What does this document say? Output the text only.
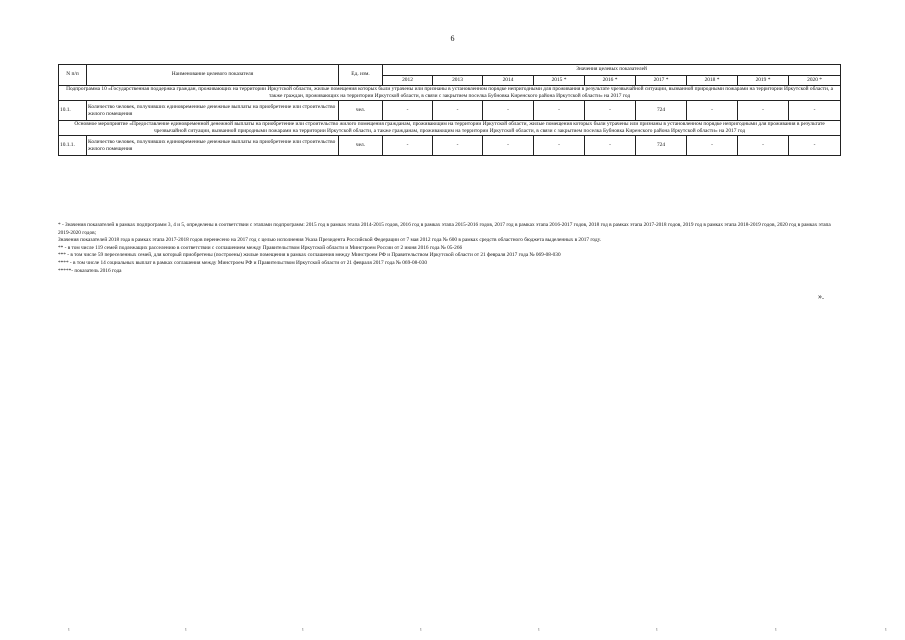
6
N п/п	Наименование целевого показателя	Ед. изм.	Значения целевых показателей								
			2012	2013	2014	2015 *	2016 *	2017 *	2018 *	2019 *	2020 *
Подпрограмма 10 «Государственная поддержка граждан, проживающих на территории Иркутской области, жилые помещения которых были утрачены или признаны в установленном порядке непригодными для проживания в результате чрезвычайной ситуации, вызванной природными пожарами на территории Иркутской области, а также граждан, проживающих на территории Иркутской области, в связи с закрытием поселка Бубновка Киренского района Иркутской области» на 2017 год											
10.1.	Количество человек, получивших единовременные денежные выплаты на приобретение или строительство жилого помещения	чел.	-	-	-	-	-	724	-	-	-
Основное мероприятие «Предоставление единовременной денежной выплаты на приобретение или строительство жилого помещения гражданам, проживающим на территории Иркутской области, жилые помещения которых были утрачены или признаны в установленном порядке непригодными для проживания в результате чрезвычайной ситуации, вызванной природными пожарами на территории Иркутской области, а также гражданам, проживающим на территории Иркутской области, в связи с закрытием поселка Бубновка Киренского района Иркутской области» на 2017 год											
10.1.1.	Количество человек, получивших единовременные денежные выплаты на приобретение или строительство жилого помещения	чел.	-	-	-	-	-	724	-	-	-

* - Значения показателей в рамках подпрограмм 3, 4 и 5, определены в соответствии с этапами подпрограмм: 2015 год в рамках этапа 2014-2015 годов, 2016 год в рамках этапа 2015-2016 годов, 2017 год в рамках этапа 2016-2017 годов, 2018 год в рамках этапа 2017-2018 годов, 2019 год в рамках этапа 2018-2019 годов, 2020 год в рамках этапа 2019-2020 годов;

Значения показателей 2018 года в рамках этапа 2017-2018 годов перенесено на 2017 год с целью исполнения Указа Президента Российской Федерации от 7 мая 2012 года № 600 в рамках средств областного бюджета выделенных в 2017 году.

** - в том числе 119 семей подлежащих расселению в соответствии с соглашением между Правительством Иркутской области и Минстроем России от 2 июня 2016 года № 05-266

*** - в том числе 59 переселенных семей, для который приобретены (построены) жилые помещения в рамках соглашения между Минстроем РФ и Правительством Иркутской области от 21 февраля 2017 года № 069-08-030

**** - в том числе 14 социальных выплат в рамках соглашения между Минстроем РФ и Правительством Иркутской области от 21 февраля 2017 года № 069-08-030

*****- показатель 2016 года

».
¹	¹	¹	¹	¹	¹	¹	¹
